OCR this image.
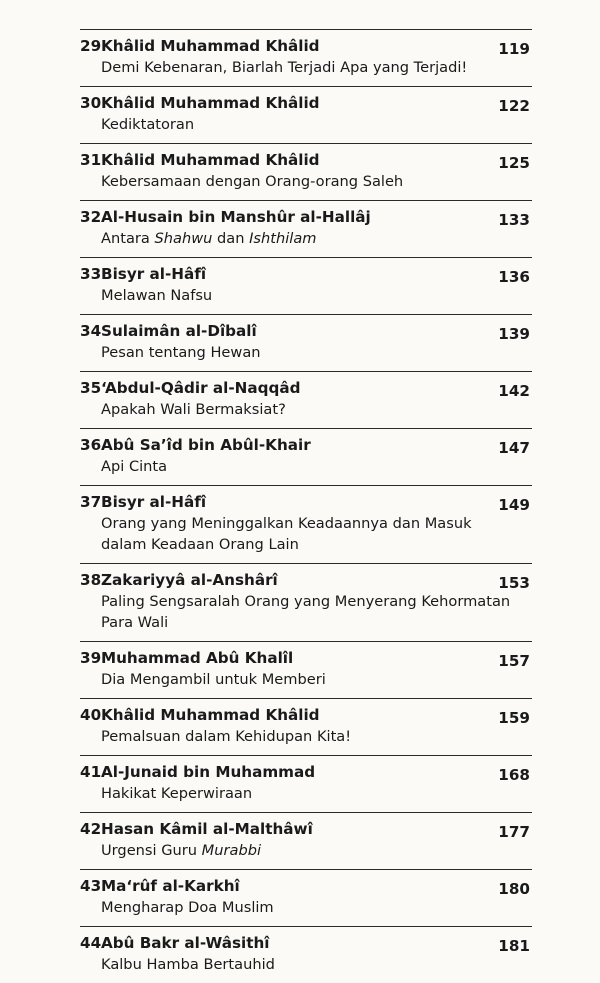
29 Khâlid Muhammad Khâlid	119
Demi Kebenaran, Biarlah Terjadi Apa yang Terjadi!
30 Khâlid Muhammad Khâlid	122
Kediktatoran
31 Khâlid Muhammad Khâlid	125
Kebersamaan dengan Orang-orang Saleh
32 Al-Husain bin Manshûr al-Hallâj	133
Antara Shahwu dan Ishthilam
33 Bisyr al-Hâfî	136
Melawan Nafsu
34 Sulaimân al-Dîbalî	139
Pesan tentang Hewan
35 ‘Abdul-Qâdir al-Naqqâd	142
Apakah Wali Bermaksiat?
36 Abû Sa’îd bin Abûl-Khair	147
Api Cinta
37 Bisyr al-Hâfî	149
Orang yang Meninggalkan Keadaannya dan Masuk
dalam Keadaan Orang Lain
38 Zakariyyâ al-Anshârî	153
Paling Sengsaralah Orang yang Menyerang Kehormatan
Para Wali
39 Muhammad Abû Khalîl	157
Dia Mengambil untuk Memberi
40 Khâlid Muhammad Khâlid	159
Pemalsuan dalam Kehidupan Kita!
41 Al-Junaid bin Muhammad	168
Hakikat Keperwiraan
42 Hasan Kâmil al-Malthâwî	177
Urgensi Guru Murabbi
43 Ma‘rûf al-Karkhî	180
Mengharap Doa Muslim
44 Abû Bakr al-Wâsithî	181
Kalbu Hamba Bertauhid
